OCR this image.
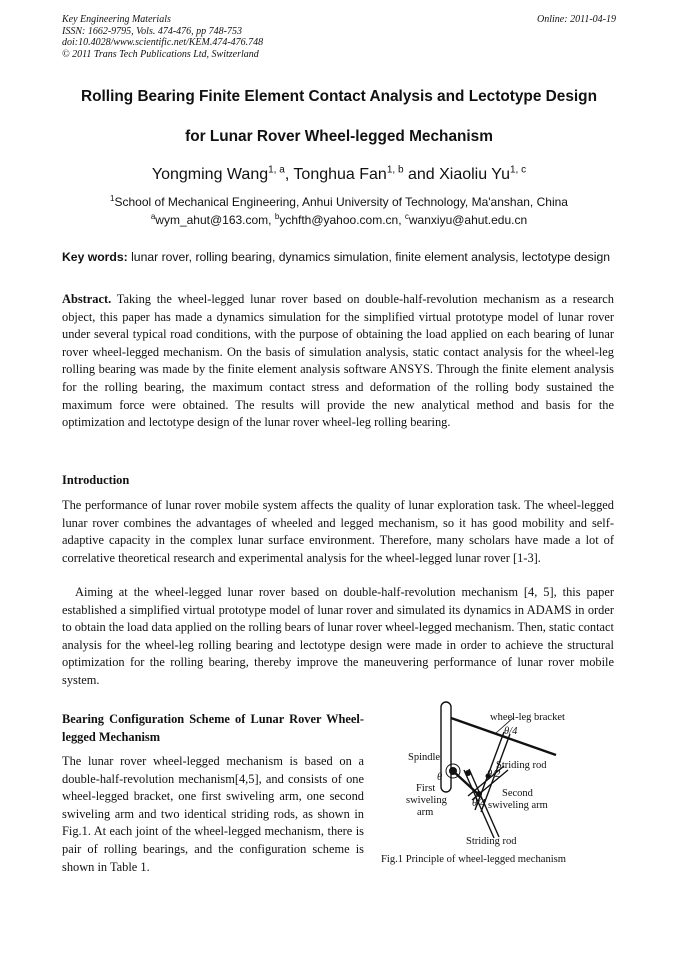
Key Engineering Materials
ISSN: 1662-9795, Vols. 474-476, pp 748-753
doi:10.4028/www.scientific.net/KEM.474-476.748
© 2011 Trans Tech Publications Ltd, Switzerland
Online: 2011-04-19
Rolling Bearing Finite Element Contact Analysis and Lectotype Design
for Lunar Rover Wheel-legged Mechanism
Yongming Wang$^{1, a}$, Tonghua Fan$^{1, b}$ and Xiaoliu Yu$^{1, c}$
$^1$School of Mechanical Engineering, Anhui University of Technology, Ma'anshan, China
$^a$wym_ahut@163.com, $^b$ychfth@yahoo.com.cn, $^c$wanxiyu@ahut.edu.cn
Key words: lunar rover, rolling bearing, dynamics simulation, finite element analysis, lectotype design
Abstract. Taking the wheel-legged lunar rover based on double-half-revolution mechanism as a research object, this paper has made a dynamics simulation for the simplified virtual prototype model of lunar rover under several typical road conditions, with the purpose of obtaining the load applied on each bearing of lunar rover wheel-legged mechanism. On the basis of simulation analysis, static contact analysis for the wheel-leg rolling bearing was made by the finite element analysis software ANSYS. Through the finite element analysis for the rolling bearing, the maximum contact stress and deformation of the rolling body sustained the maximum force were obtained. The results will provide the new analytical method and basis for the optimization and lectotype design of the lunar rover wheel-leg rolling bearing.
Introduction
The performance of lunar rover mobile system affects the quality of lunar exploration task. The wheel-legged lunar rover combines the advantages of wheeled and legged mechanism, so it has good mobility and self-adaptive capacity in the complex lunar surface environment. Therefore, many scholars have made a lot of correlative theoretical research and experimental analysis for the wheel-legged lunar rover [1-3].
Aiming at the wheel-legged lunar rover based on double-half-revolution mechanism [4, 5], this paper established a simplified virtual prototype model of lunar rover and simulated its dynamics in ADAMS in order to obtain the load data applied on the rolling bears of lunar rover wheel-legged mechanism. Then, static contact analysis for the wheel-leg rolling bearing and lectotype design were made in order to achieve the structural optimization for the rolling bearing, thereby improve the maneuvering performance of lunar rover mobile system.
Bearing Configuration Scheme of Lunar Rover Wheel-legged Mechanism
The lunar rover wheel-legged mechanism is based on a double-half-revolution mechanism[4,5], and consists of one wheel-legged bracket, one first swiveling arm, one second swiveling arm and two identical striding rods, as shown in Fig.1. At each joint of the wheel-legged mechanism, there is pair of rolling bearings, and the configuration scheme is shown in Table 1.
wheel-leg bracket
θ/4
Spindle
Striding rod
θ	θ/2
First
swiveling
arm
θ/4
Second
swiveling arm
Striding rod
Fig.1 Principle of wheel-legged mechanism
